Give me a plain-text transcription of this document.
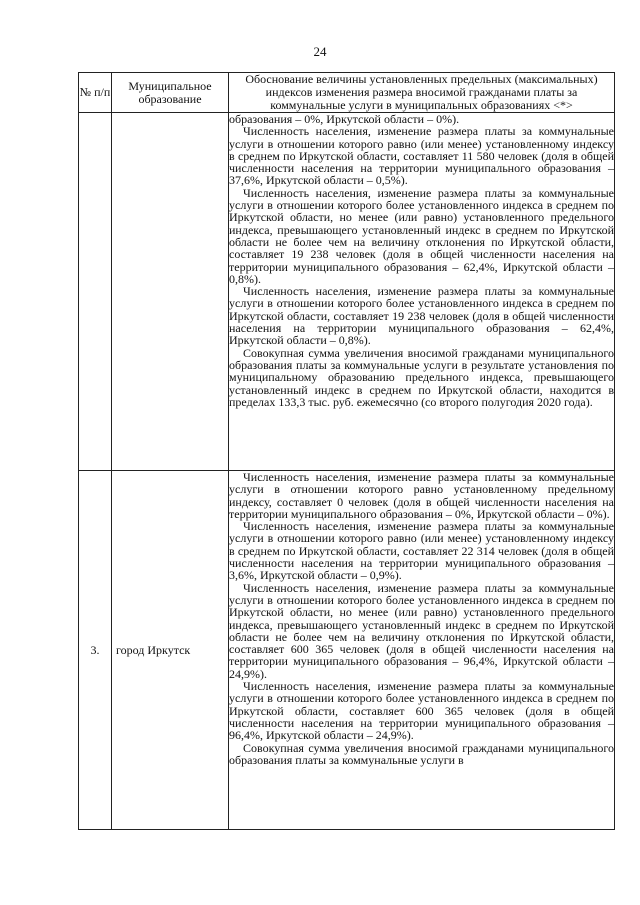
24
№ п/п	Муниципальное образование	Обоснование величины установленных предельных (максимальных) индексов изменения размера вносимой гражданами платы за коммунальные услуги в муниципальных образованиях <*>

		образования – 0%, Иркутской области – 0%).

Численность населения, изменение размера платы за коммунальные услуги в отношении которого равно (или менее) установленному индексу в среднем по Иркутской области, составляет 11 580 человек (доля в общей численности населения на территории муниципального образования – 37,6%, Иркутской области – 0,5%).

Численность населения, изменение размера платы за коммунальные услуги в отношении которого более установленного индекса в среднем по Иркутской области, но менее (или равно) установленного предельного индекса, превышающего установленный индекс в среднем по Иркутской области не более чем на величину отклонения по Иркутской области, составляет 19 238 человек (доля в общей численности населения на территории муниципального образования – 62,4%, Иркутской области – 0,8%).

Численность населения, изменение размера платы за коммунальные услуги в отношении которого более установленного индекса в среднем по Иркутской области, составляет 19 238 человек (доля в общей численности населения на территории муниципального образования – 62,4%, Иркутской области – 0,8%).

Совокупная сумма увеличения вносимой гражданами муниципального образования платы за коммунальные услуги в результате установления по муниципальному образованию предельного индекса, превышающего установленный индекс в среднем по Иркутской области, находится в пределах 133,3 тыс. руб. ежемесячно (со второго полугодия 2020 года).

3.	город Иркутск	Численность населения, изменение размера платы за коммунальные услуги в отношении которого равно установленному предельному индексу, составляет 0 человек (доля в общей численности населения на территории муниципального образования – 0%, Иркутской области – 0%).

Численность населения, изменение размера платы за коммунальные услуги в отношении которого равно (или менее) установленному индексу в среднем по Иркутской области, составляет 22 314 человек (доля в общей численности населения на территории муниципального образования – 3,6%, Иркутской области – 0,9%).

Численность населения, изменение размера платы за коммунальные услуги в отношении которого более установленного индекса в среднем по Иркутской области, но менее (или равно) установленного предельного индекса, превышающего установленный индекс в среднем по Иркутской области не более чем на величину отклонения по Иркутской области, составляет 600 365 человек (доля в общей численности населения на территории муниципального образования – 96,4%, Иркутской области – 24,9%).

Численность населения, изменение размера платы за коммунальные услуги в отношении которого более установленного индекса в среднем по Иркутской области, составляет 600 365 человек (доля в общей численности населения на территории муниципального образования – 96,4%, Иркутской области – 24,9%).

Совокупная сумма увеличения вносимой гражданами муниципального образования платы за коммунальные услуги в
